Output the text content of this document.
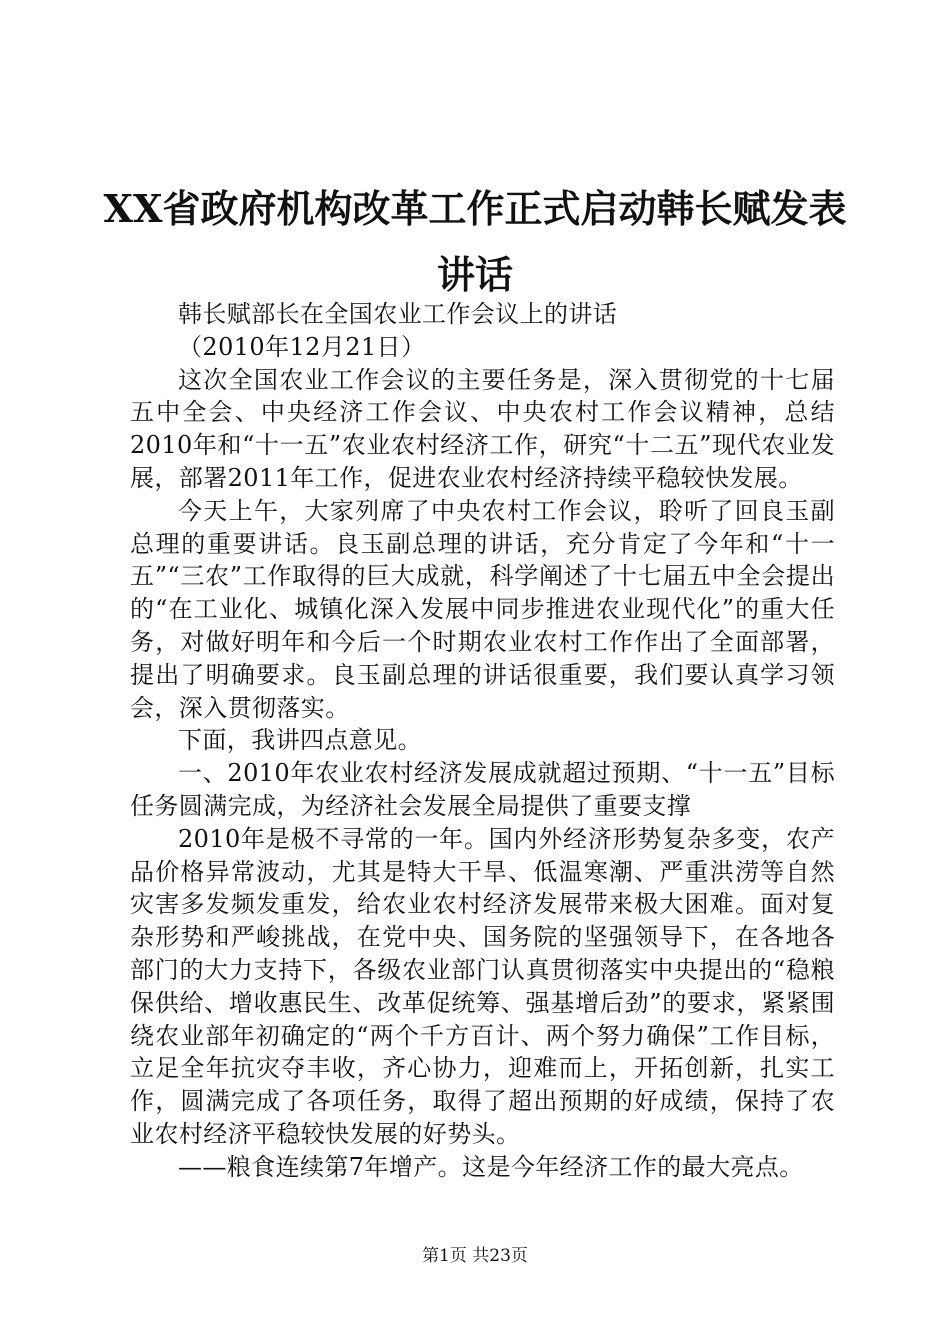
XX省政府机构改革工作正式启动韩长赋发表讲话

韩长赋部长在全国农业工作会议上的讲话

（2010年12月21日）

这次全国农业工作会议的主要任务是，深入贯彻党的十七届五中全会、中央经济工作会议、中央农村工作会议精神，总结2010年和“十一五”农业农村经济工作，研究“十二五”现代农业发展，部署2011年工作，促进农业农村经济持续平稳较快发展。

今天上午，大家列席了中央农村工作会议，聆听了回良玉副总理的重要讲话。良玉副总理的讲话，充分肯定了今年和“十一五”“三农”工作取得的巨大成就，科学阐述了十七届五中全会提出的“在工业化、城镇化深入发展中同步推进农业现代化”的重大任务，对做好明年和今后一个时期农业农村工作作出了全面部署，提出了明确要求。良玉副总理的讲话很重要，我们要认真学习领会，深入贯彻落实。

下面，我讲四点意见。

一、2010年农业农村经济发展成就超过预期、“十一五”目标任务圆满完成，为经济社会发展全局提供了重要支撑

2010年是极不寻常的一年。国内外经济形势复杂多变，农产品价格异常波动，尤其是特大干旱、低温寒潮、严重洪涝等自然灾害多发频发重发，给农业农村经济发展带来极大困难。面对复杂形势和严峻挑战，在党中央、国务院的坚强领导下，在各地各部门的大力支持下，各级农业部门认真贯彻落实中央提出的“稳粮保供给、增收惠民生、改革促统筹、强基增后劲”的要求，紧紧围绕农业部年初确定的“两个千方百计、两个努力确保”工作目标，立足全年抗灾夺丰收，齐心协力，迎难而上，开拓创新，扎实工作，圆满完成了各项任务，取得了超出预期的好成绩，保持了农业农村经济平稳较快发展的好势头。

——粮食连续第7年增产。这是今年经济工作的最大亮点。

第1页 共23页
